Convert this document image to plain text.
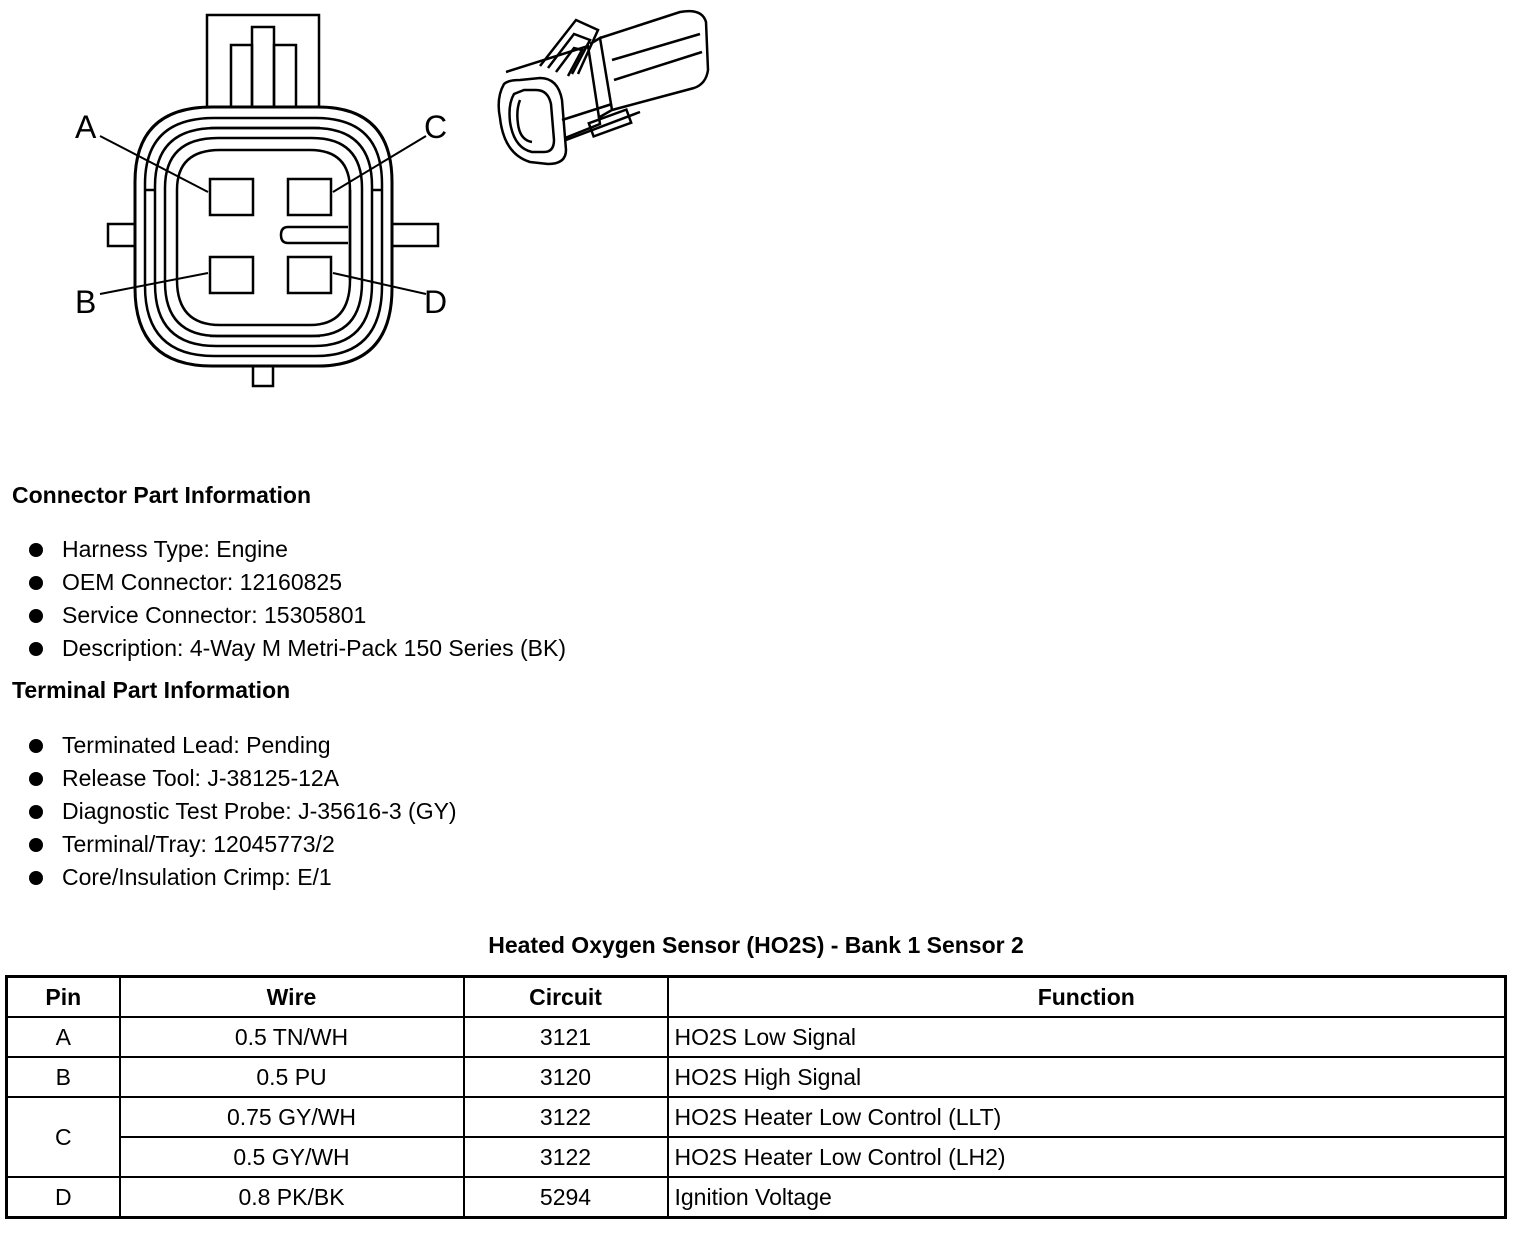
A
B
C
D
Connector Part Information
Harness Type: Engine
OEM Connector: 12160825
Service Connector: 15305801
Description: 4-Way M Metri-Pack 150 Series (BK)
Terminal Part Information
Terminated Lead: Pending
Release Tool: J-38125-12A
Diagnostic Test Probe: J-35616-3 (GY)
Terminal/Tray: 12045773/2
Core/Insulation Crimp: E/1
Heated Oxygen Sensor (HO2S) - Bank 1 Sensor 2
Pin	Wire	Circuit	Function
A	0.5 TN/WH	3121	HO2S Low Signal
B	0.5 PU	3120	HO2S High Signal
C	0.75 GY/WH	3122	HO2S Heater Low Control (LLT)
	0.5 GY/WH	3122	HO2S Heater Low Control (LH2)
D	0.8 PK/BK	5294	Ignition Voltage
